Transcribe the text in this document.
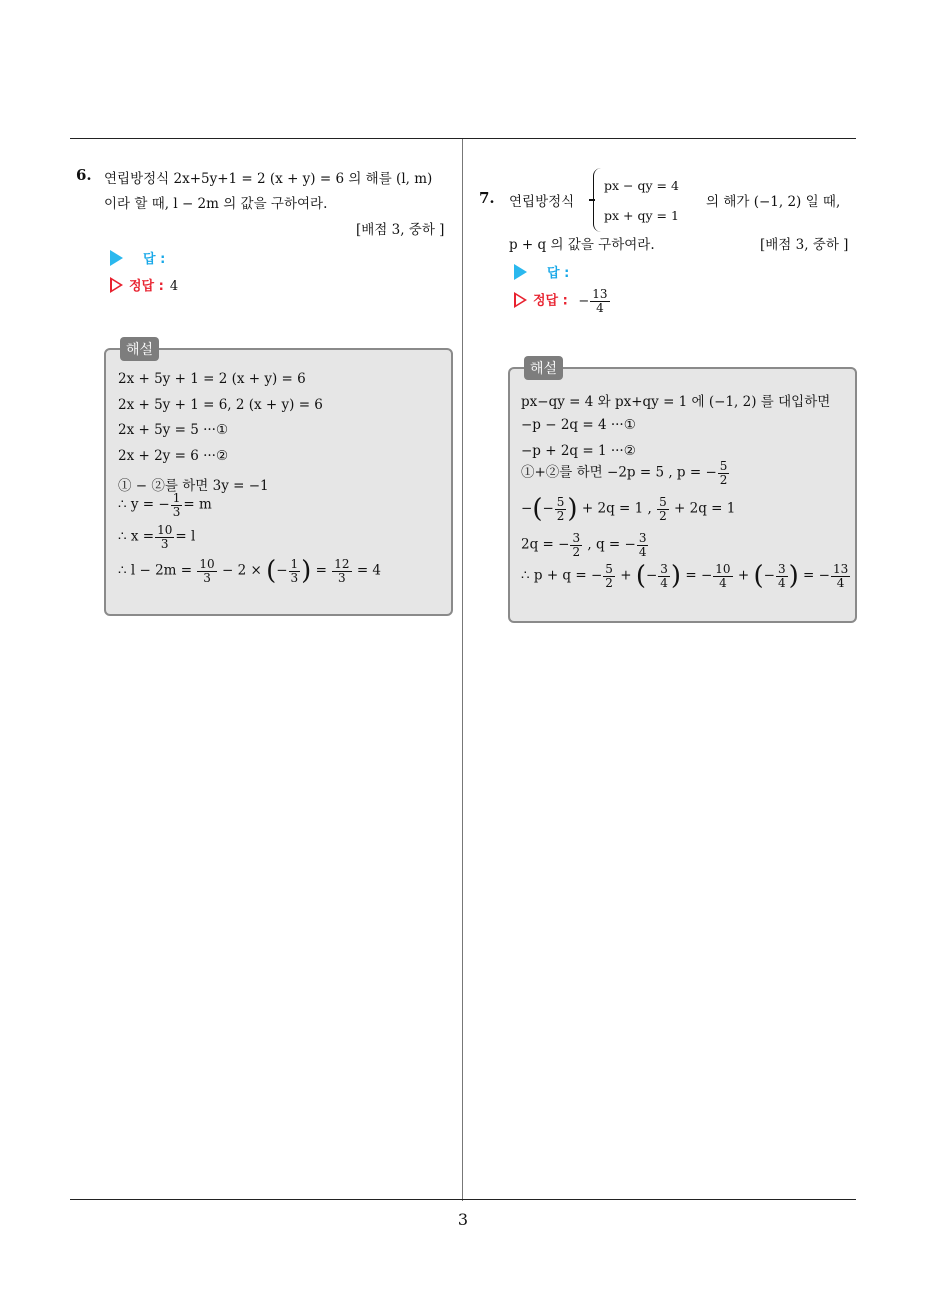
3
6. 연립방정식 2x+5y+1 = 2 (x + y) = 6 의 해를 (l, m)
이라 할 때, l − 2m 의 값을 구하여라.
[배점 3, 중하 ]
답 :
정답 : 4
해설
2x + 5y + 1 = 2 (x + y) = 6
2x + 5y + 1 = 6, 2 (x + y) = 6
2x + 5y = 5 ···①
2x + 2y = 6 ···②
① − ②를 하면 3y = −1
∴ y = − $\frac{1}{3} = m$
∴ $x = \frac{10}{3} = l$
∴ $l - 2m = \frac{10}{3} - 2$ × (− $\frac{1}{3}$ ) = $\frac{12}{3} = 4$
7. 연립방정식
px − qy = 4
px + qy = 1
의 해가 (−1, 2) 일 때,
p + q 의 값을 구하여라.	[배점 3, 중하 ]
답 :
정답 : − $\frac{13}{4}$
해설
px−qy = 4 와 px+qy = 1 에 (−1, 2) 를 대입하면
−p − 2q = 4 ···①
−p + 2q = 1 ···②
①+②를 하면 −2p = 5 , p = − $\frac{5}{2}$
−(− $\frac{5}{2}$ ) + 2q = 1 , $\frac{5}{2} + 2q = 1$
2q = − $\frac{3}{2}$ , q = − $\frac{3}{4}$
∴ p + q = − $\frac{5}{2}$ + (− $\frac{3}{4}$ ) = − $\frac{10}{4}$ + (− $\frac{3}{4}$ ) = − $\frac{13}{4}$
